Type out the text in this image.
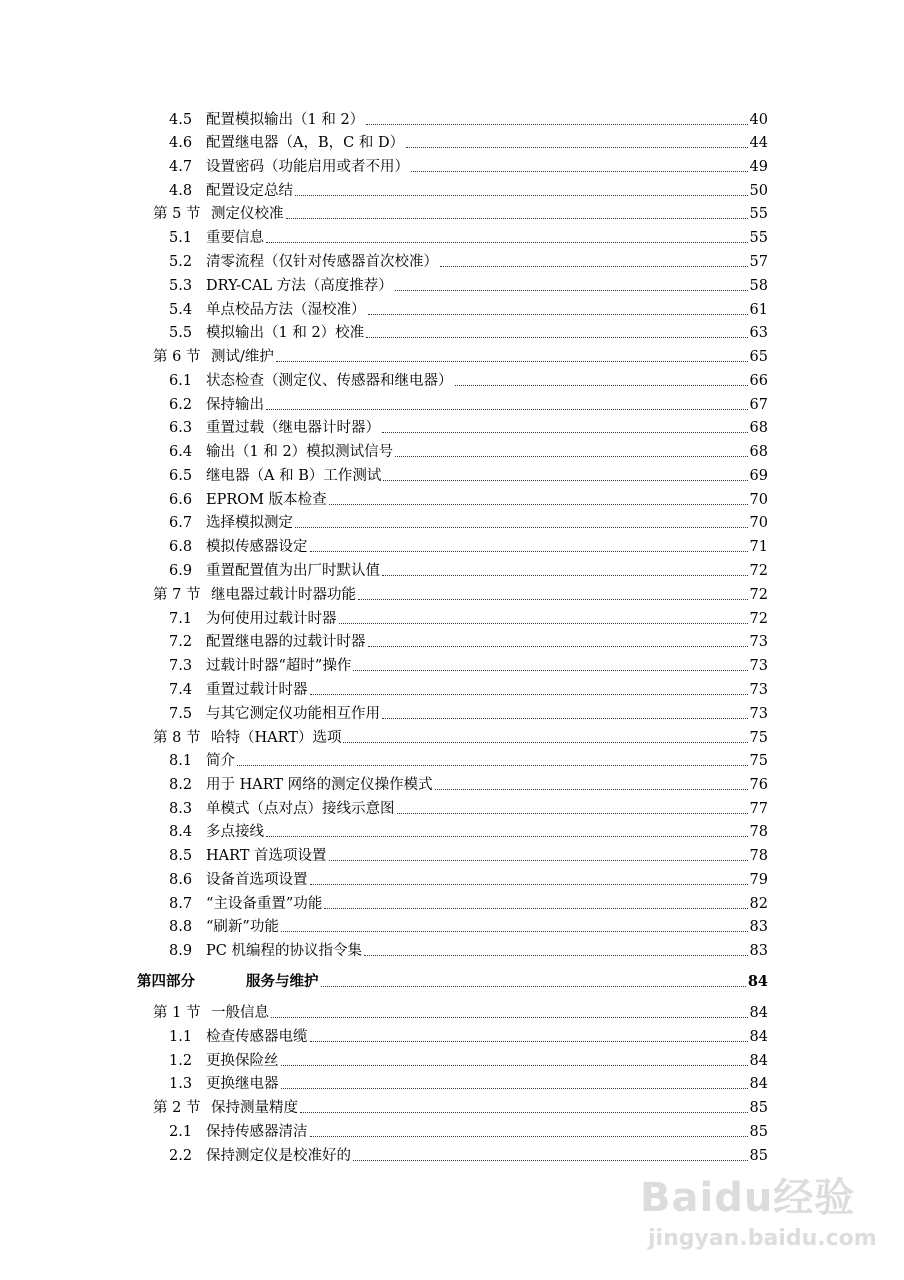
Baidu经验
jingyan.baidu.com
4.5 配置模拟输出（1 和 2）	40
4.6 配置继电器（A，B，C 和 D）	44
4.7 设置密码（功能启用或者不用）	49
4.8 配置设定总结	50
第 5 节 测定仪校准	55
5.1 重要信息	55
5.2 清零流程（仅针对传感器首次校准）	57
5.3 DRY-CAL 方法（高度推荐）	58
5.4 单点校品方法（湿校准）	61
5.5 模拟输出（1 和 2）校准	63
第 6 节 测试/维护	65
6.1 状态检查（测定仪、传感器和继电器）	66
6.2 保持输出	67
6.3 重置过载（继电器计时器）	68
6.4 输出（1 和 2）模拟测试信号	68
6.5 继电器（A 和 B）工作测试	69
6.6 EPROM 版本检查	70
6.7 选择模拟测定	70
6.8 模拟传感器设定	71
6.9 重置配置值为出厂时默认值	72
第 7 节 继电器过载计时器功能	72
7.1 为何使用过载计时器	72
7.2 配置继电器的过载计时器	73
7.3 过载计时器“超时”操作	73
7.4 重置过载计时器	73
7.5 与其它测定仪功能相互作用	73
第 8 节 哈特（HART）选项	75
8.1 简介	75
8.2 用于 HART 网络的测定仪操作模式	76
8.3 单模式（点对点）接线示意图	77
8.4 多点接线	78
8.5 HART 首选项设置	78
8.6 设备首选项设置	79
8.7 “主设备重置”功能	82
8.8 “刷新”功能	83
8.9 PC 机编程的协议指令集	83
第四部分	服务与维护	84
第 1 节 一般信息	84
1.1 检查传感器电缆	84
1.2 更换保险丝	84
1.3 更换继电器	84
第 2 节 保持测量精度	85
2.1 保持传感器清洁	85
2.2 保持测定仪是校准好的	85
